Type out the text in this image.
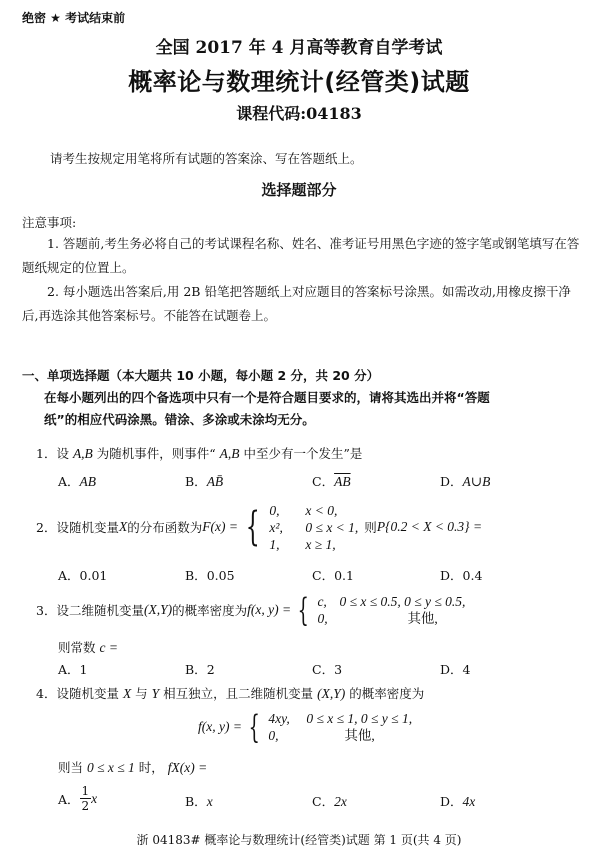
绝密 ★ 考试结束前
全国 2017 年 4 月高等教育自学考试
概率论与数理统计(经管类)试题
课程代码:04183
请考生按规定用笔将所有试题的答案涂、写在答题纸上。
选择题部分
注意事项:

1. 答题前,考生务必将自己的考试课程名称、姓名、准考证号用黑色字迹的签字笔或钢笔填写在答题纸规定的位置上。

2. 每小题选出答案后,用 2B 铅笔把答题纸上对应题目的答案标号涂黑。如需改动,用橡皮擦干净后,再选涂其他答案标号。不能答在试题卷上。

一、单项选择题（本大题共 10 小题，每小题 2 分，共 20 分）
在每小题列出的四个备选项中只有一个是符合题目要求的，请将其选出并将“答题
纸”的相应代码涂黑。错涂、多涂或未涂均无分。
1．设 A,B 为随机事件，则事件“ A,B 中至少有一个发生”是
A．AB	B．AB̄	C．$\overline{AB}$	D．A∪B
2．设随机变量 X 的分布函数为 F(x) = { 0, x < 0,
x², 0 ≤ x < 1,
1, x ≥ 1,
则 P{0.2 < X < 0.3} =
A．0.01	B．0.05	C．0.1	D．0.4
3．设二维随机变量 (X,Y) 的概率密度为 f(x, y) = { c, 0 ≤ x ≤ 0.5, 0 ≤ y ≤ 0.5,
0,	其他,
则常数 c =
A．1	B．2	C．3	D．4
4．设随机变量 X 与 Y 相互独立，且二维随机变量 (X,Y) 的概率密度为
f(x, y) = { 4xy, 0 ≤ x ≤ 1, 0 ≤ y ≤ 1,
0,	其他,
则当 0 ≤ x ≤ 1 时， fX(x) =
A． $\frac{1}{2}$ x	B．x	C．2x	D．4x
浙 04183# 概率论与数理统计(经管类)试题 第 1 页(共 4 页)
